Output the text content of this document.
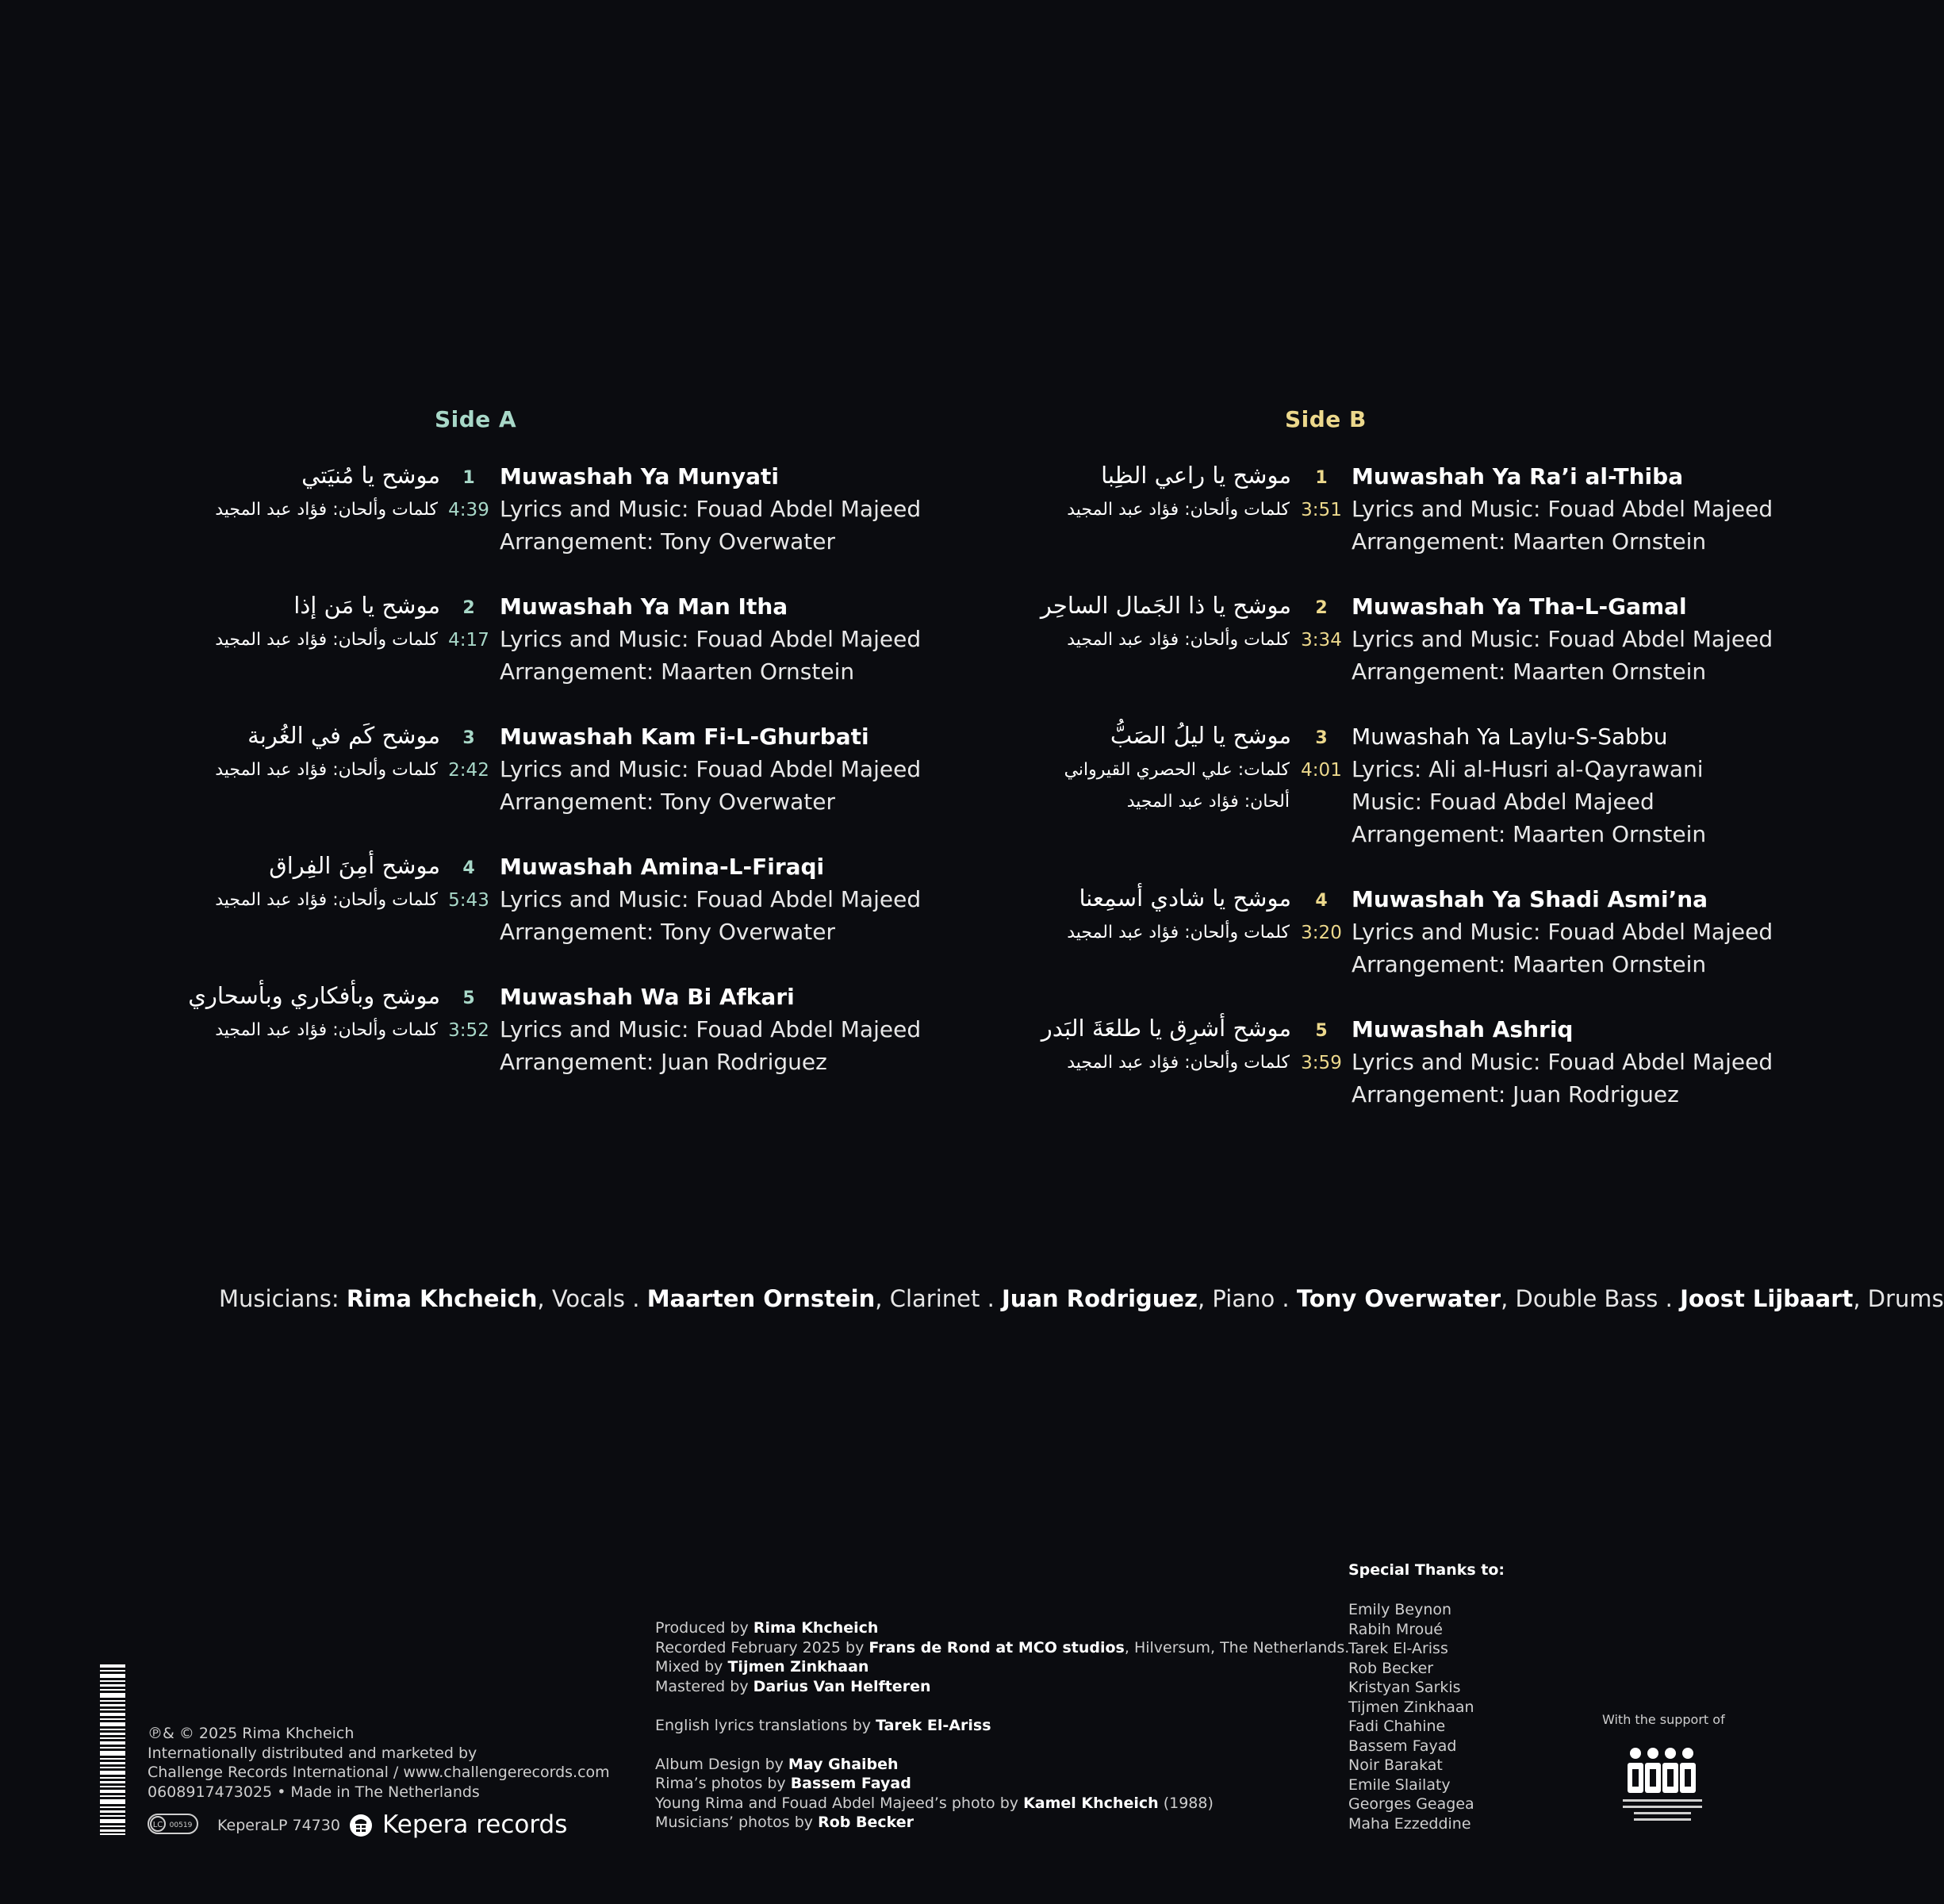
Side A	Side B
موشح يا مُنيَتي
كلمات وألحان: فؤاد عبد المجيد
1
4:39
Muwashah Ya Munyati
Lyrics and Music: Fouad Abdel Majeed
Arrangement: Tony Overwater
موشح يا مَن إذا
كلمات وألحان: فؤاد عبد المجيد
2
4:17
Muwashah Ya Man Itha
Lyrics and Music: Fouad Abdel Majeed
Arrangement: Maarten Ornstein
موشح كَم في الغُربة
كلمات وألحان: فؤاد عبد المجيد
3
2:42
Muwashah Kam Fi-L-Ghurbati
Lyrics and Music: Fouad Abdel Majeed
Arrangement: Tony Overwater
موشح أمِنَ الفِراق
كلمات وألحان: فؤاد عبد المجيد
4
5:43
Muwashah Amina-L-Firaqi
Lyrics and Music: Fouad Abdel Majeed
Arrangement: Tony Overwater
موشح وبأفكاري وبأسحاري
كلمات وألحان: فؤاد عبد المجيد
5
3:52
Muwashah Wa Bi Afkari
Lyrics and Music: Fouad Abdel Majeed
Arrangement: Juan Rodriguez
موشح يا راعي الظِبا
كلمات وألحان: فؤاد عبد المجيد
1
3:51
Muwashah Ya Ra’i al-Thiba
Lyrics and Music: Fouad Abdel Majeed
Arrangement: Maarten Ornstein
موشح يا ذا الجَمال الساحِر
كلمات وألحان: فؤاد عبد المجيد
2
3:34
Muwashah Ya Tha-L-Gamal
Lyrics and Music: Fouad Abdel Majeed
Arrangement: Maarten Ornstein
موشح يا ليلُ الصَبُّ
كلمات: علي الحصري القيرواني
ألحان: فؤاد عبد المجيد
3
4:01
Muwashah Ya Laylu-S-Sabbu
Lyrics: Ali al-Husri al-Qayrawani
Music: Fouad Abdel Majeed
Arrangement: Maarten Ornstein
موشح يا شادي أسمِعنا
كلمات وألحان: فؤاد عبد المجيد
4
3:20
Muwashah Ya Shadi Asmi’na
Lyrics and Music: Fouad Abdel Majeed
Arrangement: Maarten Ornstein
موشح أشرِق يا طلعَةَ البَدر
كلمات وألحان: فؤاد عبد المجيد
5
3:59
Muwashah Ashriq
Lyrics and Music: Fouad Abdel Majeed
Arrangement: Juan Rodriguez
Musicians: Rima Khcheich, Vocals . Maarten Ornstein, Clarinet . Juan Rodriguez, Piano . Tony Overwater, Double Bass . Joost Lijbaart, Drums
Produced by Rima Khcheich
Recorded February 2025 by Frans de Rond at MCO studios, Hilversum, The Netherlands.
Mixed by Tijmen Zinkhaan
Mastered by Darius Van Helfteren
English lyrics translations by Tarek El-Ariss
Album Design by May Ghaibeh
Rima’s photos by Bassem Fayad
Young Rima and Fouad Abdel Majeed’s photo by Kamel Khcheich (1988)
Musicians’ photos by Rob Becker
Special Thanks to:
Emily Beynon
Rabih Mroué
Tarek El-Ariss
Rob Becker
Kristyan Sarkis
Tijmen Zinkhaan
Fadi Chahine
Bassem Fayad
Noir Barakat
Emile Slailaty
Georges Geagea
Maha Ezzeddine
With the support of
℗& © 2025 Rima Khcheich
Internationally distributed and marketed by
Challenge Records International / www.challengerecords.com
0608917473025 • Made in The Netherlands
LC 00519 KeperaLP 74730 Kepera records
